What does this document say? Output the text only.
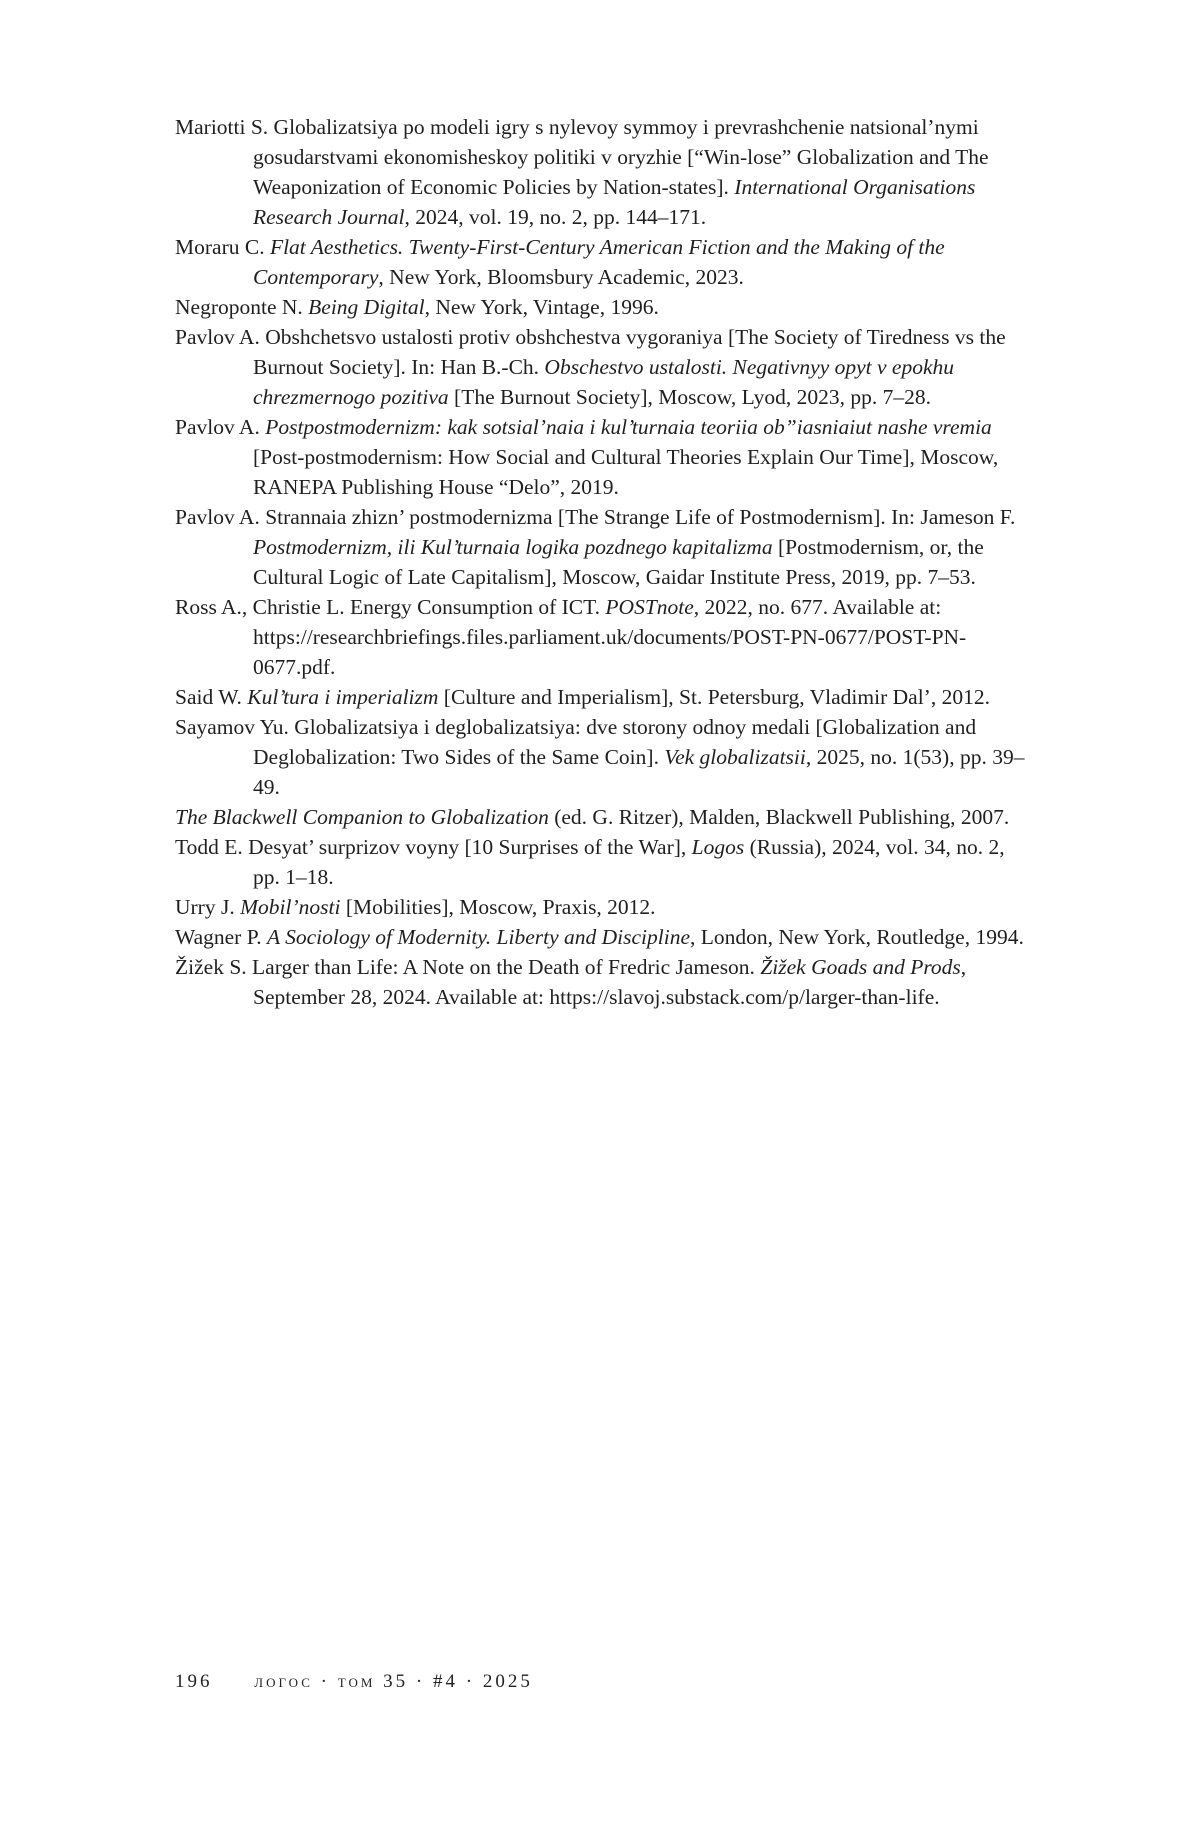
Mariotti S. Globalizatsiya po modeli igry s nylevoy symmoy i prevrashchenie natsional’nymi gosudarstvami ekonomisheskoy politiki v oryzhie [“Win-lose” Globalization and The Weaponization of Economic Policies by Nation-states]. International Organisations Research Journal, 2024, vol. 19, no. 2, pp. 144–171.

Moraru C. Flat Aesthetics. Twenty-First-Century American Fiction and the Making of the Contemporary, New York, Bloomsbury Academic, 2023.

Negroponte N. Being Digital, New York, Vintage, 1996.

Pavlov A. Obshchetsvo ustalosti protiv obshchestva vygoraniya [The Society of Tiredness vs the Burnout Society]. In: Han B.-Ch. Obschestvo ustalosti. Negativnyy opyt v epokhu chrezmernogo pozitiva [The Burnout Society], Moscow, Lyod, 2023, pp. 7–28.

Pavlov A. Postpostmodernizm: kak sotsial’naia i kul’turnaia teoriia ob”iasniaiut nashe vremia [Post-postmodernism: How Social and Cultural Theories Explain Our Time], Moscow, RANEPA Publishing House “Delo”, 2019.

Pavlov A. Strannaia zhizn’ postmodernizma [The Strange Life of Postmodernism]. In: Jameson F. Postmodernizm, ili Kul’turnaia logika pozdnego kapitalizma [Postmodernism, or, the Cultural Logic of Late Capitalism], Moscow, Gaidar Institute Press, 2019, pp. 7–53.

Ross A., Christie L. Energy Consumption of ICT. POSTnote, 2022, no. 677. Available at: https://researchbriefings.files.parliament.uk/documents/POST-PN-0677/POST-PN-0677.pdf.

Said W. Kul’tura i imperializm [Culture and Imperialism], St. Petersburg, Vladimir Dal’, 2012.

Sayamov Yu. Globalizatsiya i deglobalizatsiya: dve storony odnoy medali [Globalization and Deglobalization: Two Sides of the Same Coin]. Vek globalizatsii, 2025, no. 1(53), pp. 39–49.

The Blackwell Companion to Globalization (ed. G. Ritzer), Malden, Blackwell Publishing, 2007.

Todd E. Desyat’ surprizov voyny [10 Surprises of the War], Logos (Russia), 2024, vol. 34, no. 2, pp. 1–18.

Urry J. Mobil’nosti [Mobilities], Moscow, Praxis, 2012.

Wagner P. A Sociology of Modernity. Liberty and Discipline, London, New York, Routledge, 1994.

Žižek S. Larger than Life: A Note on the Death of Fredric Jameson. Žižek Goads and Prods, September 28, 2024. Available at: https://slavoj.substack.com/p/larger-than-life.

196 логос · том 35 · #4 · 2025
